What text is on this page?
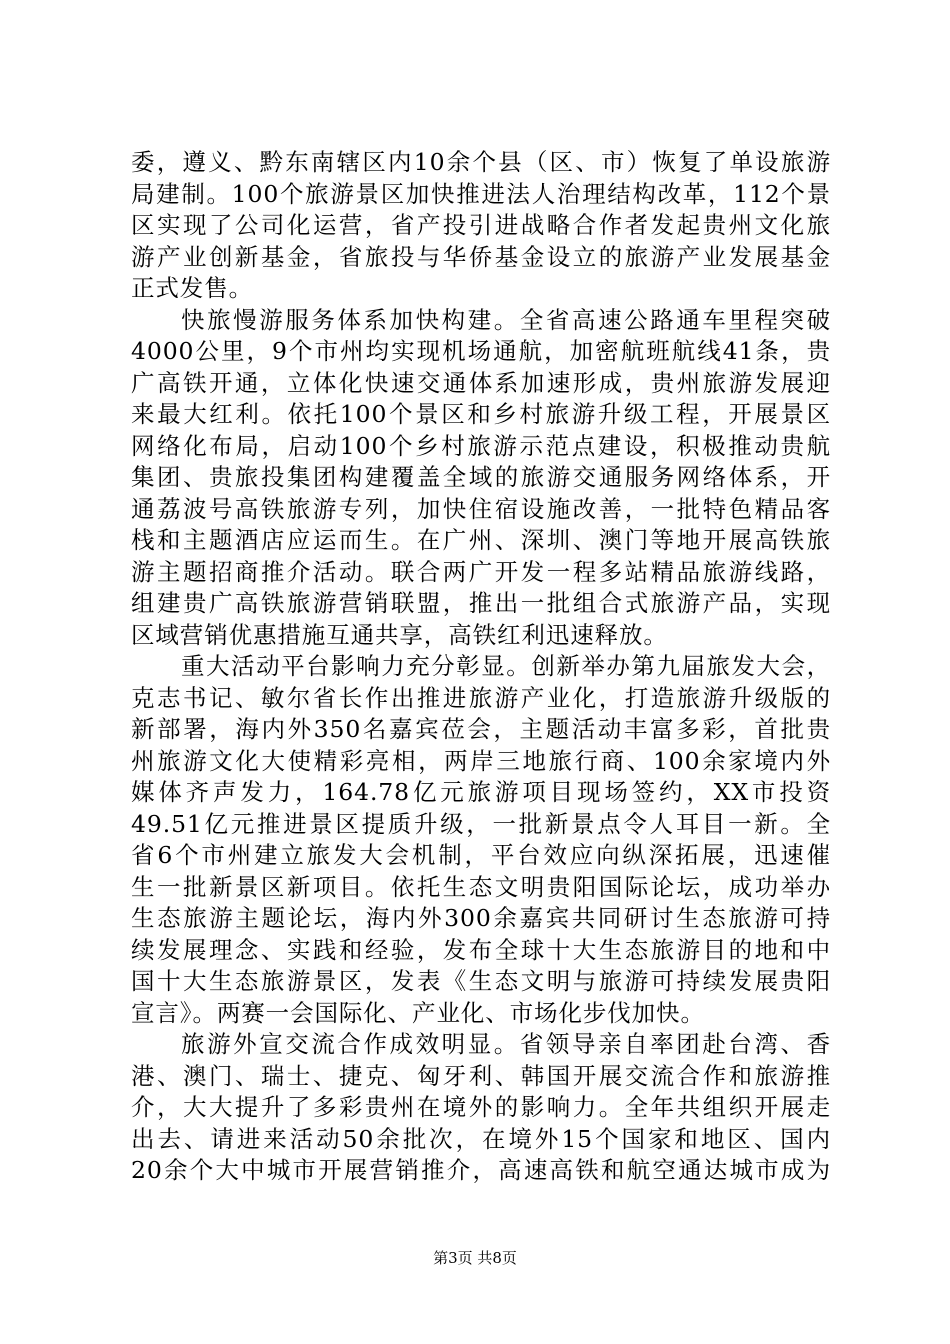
委，遵义、黔东南辖区内10余个县（区、市）恢复了单设旅游
局建制。100个旅游景区加快推进法人治理结构改革，112个景
区实现了公司化运营，省产投引进战略合作者发起贵州文化旅
游产业创新基金，省旅投与华侨基金设立的旅游产业发展基金
正式发售。
快旅慢游服务体系加快构建。全省高速公路通车里程突破
4000公里，9个市州均实现机场通航，加密航班航线41条，贵
广高铁开通，立体化快速交通体系加速形成，贵州旅游发展迎
来最大红利。依托100个景区和乡村旅游升级工程，开展景区
网络化布局，启动100个乡村旅游示范点建设，积极推动贵航
集团、贵旅投集团构建覆盖全域的旅游交通服务网络体系，开
通荔波号高铁旅游专列，加快住宿设施改善，一批特色精品客
栈和主题酒店应运而生。在广州、深圳、澳门等地开展高铁旅
游主题招商推介活动。联合两广开发一程多站精品旅游线路，
组建贵广高铁旅游营销联盟，推出一批组合式旅游产品，实现
区域营销优惠措施互通共享，高铁红利迅速释放。
重大活动平台影响力充分彰显。创新举办第九届旅发大会，
克志书记、敏尔省长作出推进旅游产业化，打造旅游升级版的
新部署，海内外350名嘉宾莅会，主题活动丰富多彩，首批贵
州旅游文化大使精彩亮相，两岸三地旅行商、100余家境内外
媒体齐声发力，164.78亿元旅游项目现场签约，XX市投资
49.51亿元推进景区提质升级，一批新景点令人耳目一新。全
省6个市州建立旅发大会机制，平台效应向纵深拓展，迅速催
生一批新景区新项目。依托生态文明贵阳国际论坛，成功举办
生态旅游主题论坛，海内外300余嘉宾共同研讨生态旅游可持
续发展理念、实践和经验，发布全球十大生态旅游目的地和中
国十大生态旅游景区，发表《生态文明与旅游可持续发展贵阳
宣言》。两赛一会国际化、产业化、市场化步伐加快。
旅游外宣交流合作成效明显。省领导亲自率团赴台湾、香
港、澳门、瑞士、捷克、匈牙利、韩国开展交流合作和旅游推
介，大大提升了多彩贵州在境外的影响力。全年共组织开展走
出去、请进来活动50余批次，在境外15个国家和地区、国内
20余个大中城市开展营销推介，高速高铁和航空通达城市成为
第3页 共8页
